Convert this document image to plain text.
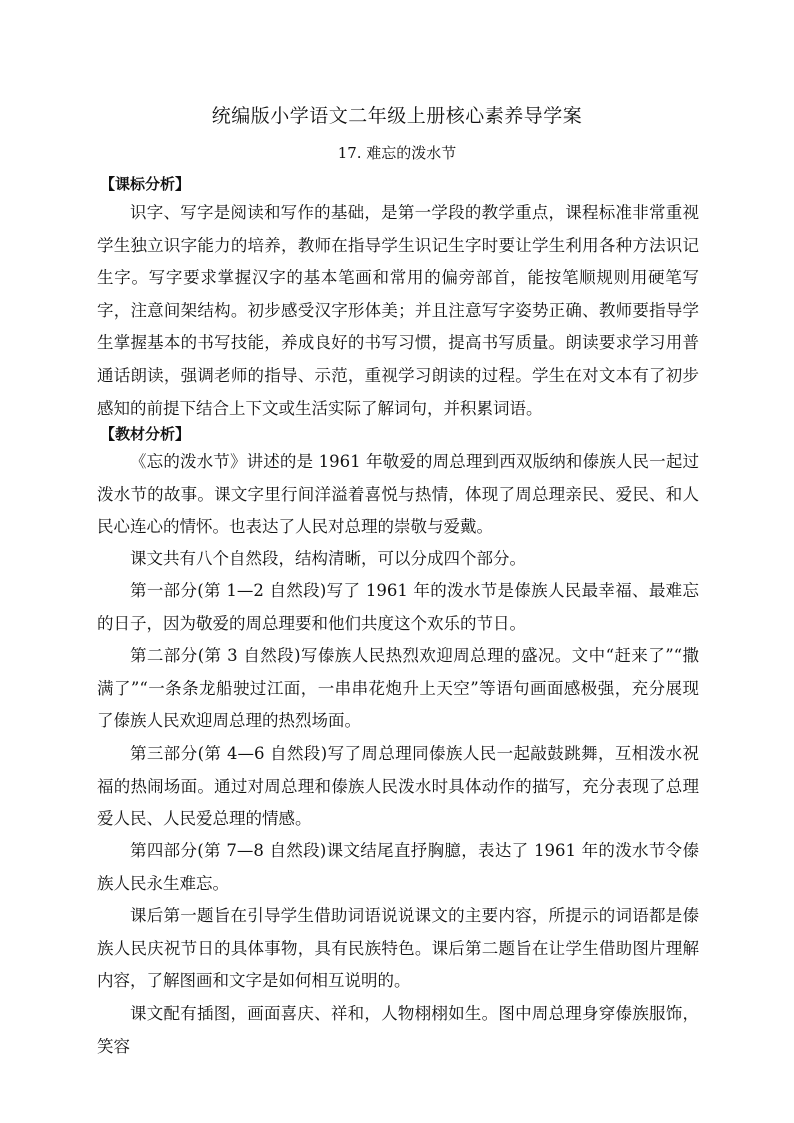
统编版小学语文二年级上册核心素养导学案
17. 难忘的泼水节
【课标分析】
识字、写字是阅读和写作的基础，是第一学段的教学重点，课程标准非常重视学生独立识字能力的培养，教师在指导学生识记生字时要让学生利用各种方法识记生字。写字要求掌握汉字的基本笔画和常用的偏旁部首，能按笔顺规则用硬笔写字，注意间架结构。初步感受汉字形体美；并且注意写字姿势正确、教师要指导学生掌握基本的书写技能，养成良好的书写习惯，提高书写质量。朗读要求学习用普通话朗读，强调老师的指导、示范，重视学习朗读的过程。学生在对文本有了初步感知的前提下结合上下文或生活实际了解词句，并积累词语。
【教材分析】
《忘的泼水节》讲述的是 1961 年敬爱的周总理到西双版纳和傣族人民一起过泼水节的故事。课文字里行间洋溢着喜悦与热情，体现了周总理亲民、爱民、和人民心连心的情怀。也表达了人民对总理的崇敬与爱戴。
课文共有八个自然段，结构清晰，可以分成四个部分。
第一部分(第 1—2 自然段)写了 1961 年的泼水节是傣族人民最幸福、最难忘的日子，因为敬爱的周总理要和他们共度这个欢乐的节日。
第二部分(第 3 自然段)写傣族人民热烈欢迎周总理的盛况。文中“赶来了”“撒满了”“一条条龙船驶过江面，一串串花炮升上天空”等语句画面感极强，充分展现了傣族人民欢迎周总理的热烈场面。
第三部分(第 4—6 自然段)写了周总理同傣族人民一起敲鼓跳舞，互相泼水祝福的热闹场面。通过对周总理和傣族人民泼水时具体动作的描写，充分表现了总理爱人民、人民爱总理的情感。
第四部分(第 7—8 自然段)课文结尾直抒胸臆，表达了 1961 年的泼水节令傣族人民永生难忘。
课后第一题旨在引导学生借助词语说说课文的主要内容，所提示的词语都是傣族人民庆祝节日的具体事物，具有民族特色。课后第二题旨在让学生借助图片理解内容，了解图画和文字是如何相互说明的。
课文配有插图，画面喜庆、祥和，人物栩栩如生。图中周总理身穿傣族服饰，笑容
